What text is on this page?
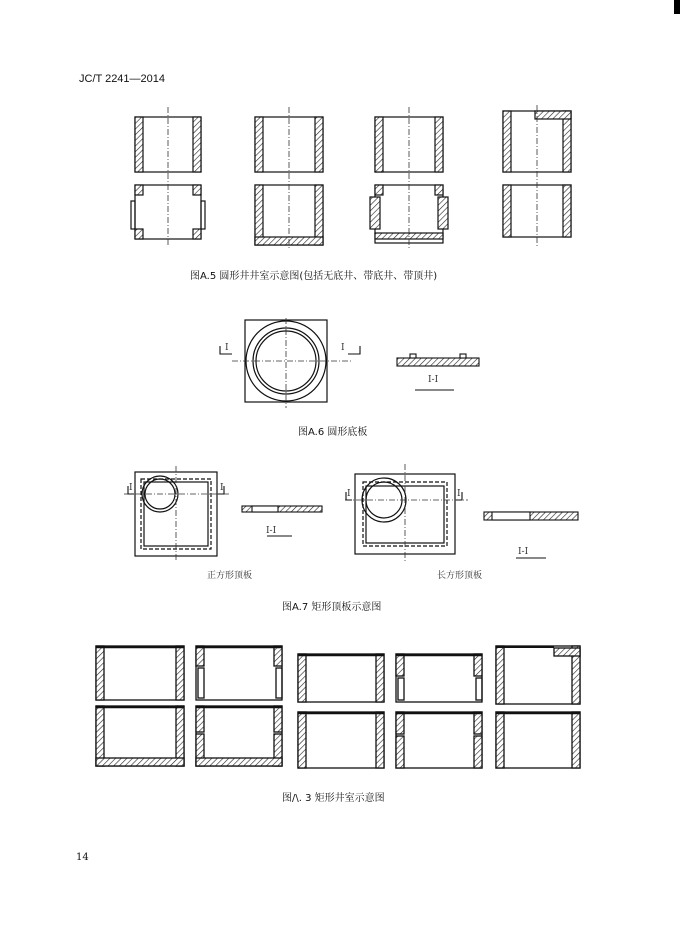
JC/T 2241—2014
图A.5 圆形井井室示意图(包括无底井、带底井、带顶井)
I	I
I-I
图A.6 圆形底板
I	I
I-I
I	I
I-I
正方形顶板	长方形顶板
图A.7 矩形顶板示意图
图/\. 3 矩形井室示意图
14
